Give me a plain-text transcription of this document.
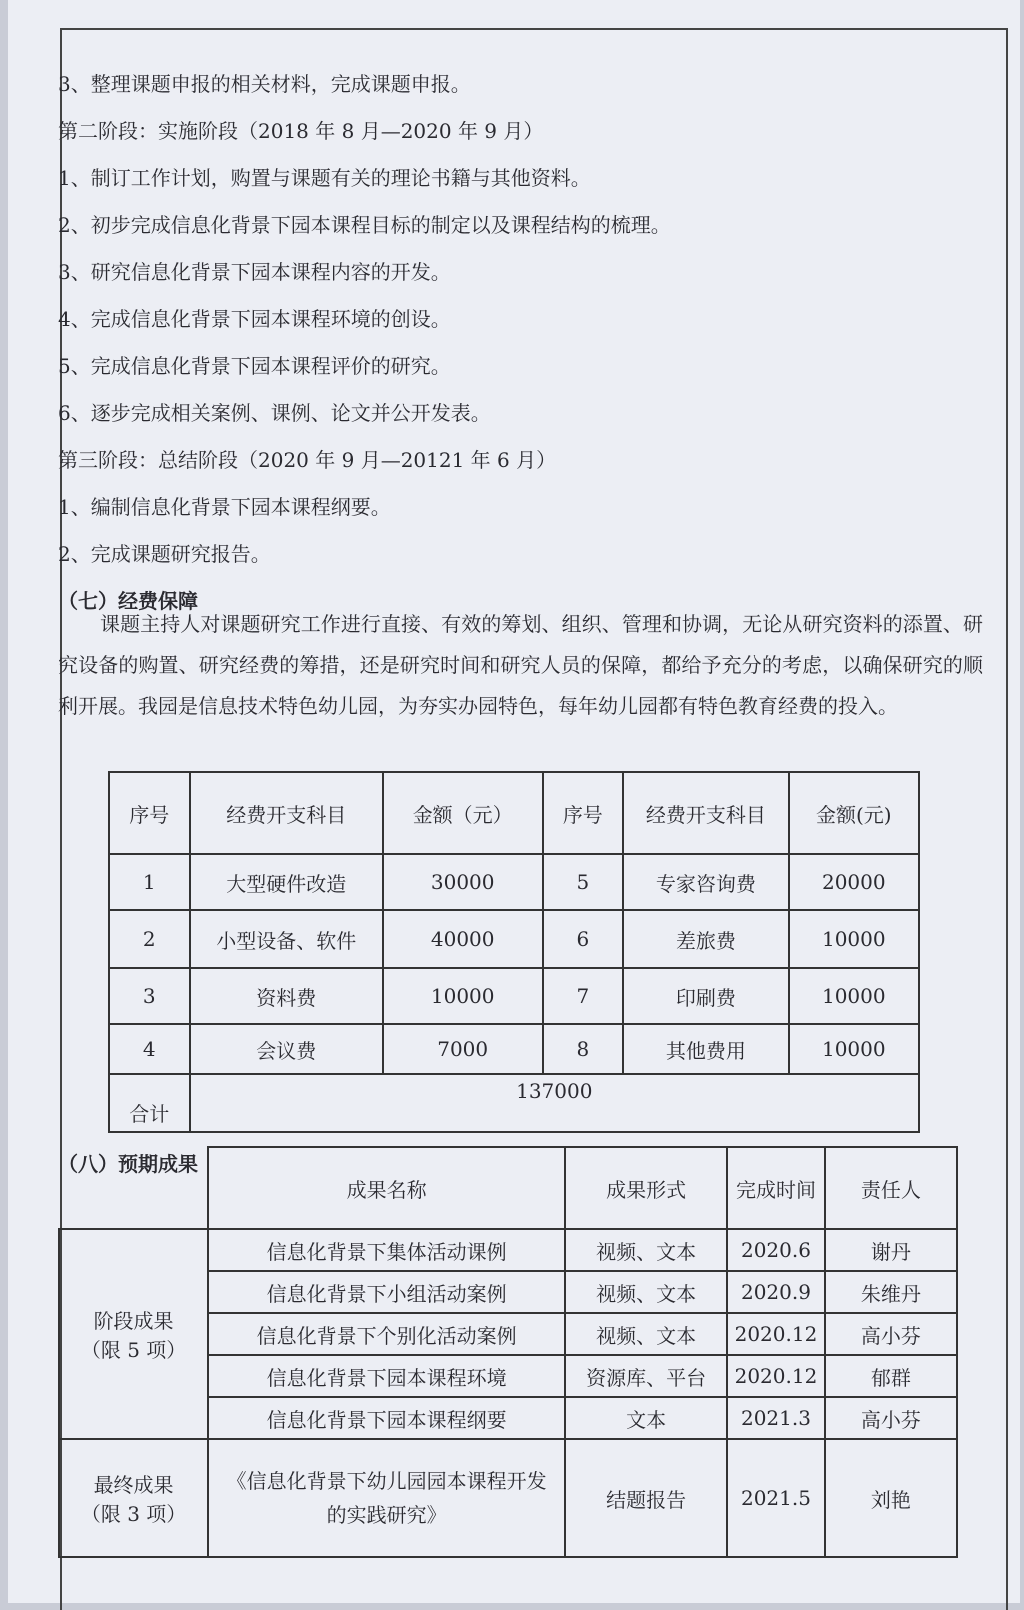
3、整理课题申报的相关材料，完成课题申报。
第二阶段：实施阶段（2018 年 8 月—2020 年 9 月）
1、制订工作计划，购置与课题有关的理论书籍与其他资料。
2、初步完成信息化背景下园本课程目标的制定以及课程结构的梳理。
3、研究信息化背景下园本课程内容的开发。
4、完成信息化背景下园本课程环境的创设。
5、完成信息化背景下园本课程评价的研究。
6、逐步完成相关案例、课例、论文并公开发表。
第三阶段：总结阶段（2020 年 9 月—20121 年 6 月）
1、编制信息化背景下园本课程纲要。
2、完成课题研究报告。
（七）经费保障
课题主持人对课题研究工作进行直接、有效的筹划、组织、管理和协调，无论从研究资料的添置、研究设备的购置、研究经费的筹措，还是研究时间和研究人员的保障，都给予充分的考虑，以确保研究的顺利开展。我园是信息技术特色幼儿园，为夯实办园特色，每年幼儿园都有特色教育经费的投入。
序号	经费开支科目	金额（元）	序号	经费开支科目	金额(元)
1	大型硬件改造	30000	5	专家咨询费	20000
2	小型设备、软件	40000	6	差旅费	10000
3	资料费	10000	7	印刷费	10000
4	会议费	7000	8	其他费用	10000
合计	137000				
（八）预期成果
	成果名称	成果形式	完成时间	责任人

阶段成果
（限 5 项）	信息化背景下集体活动课例	视频、文本	2020.6	谢丹
	信息化背景下小组活动案例	视频、文本	2020.9	朱维丹
	信息化背景下个别化活动案例	视频、文本	2020.12	高小芬
	信息化背景下园本课程环境	资源库、平台	2020.12	郁群
	信息化背景下园本课程纲要	文本	2021.3	高小芬

最终成果
（限 3 项）	《信息化背景下幼儿园园本课程开发的实践研究》	结题报告	2021.5	刘艳
